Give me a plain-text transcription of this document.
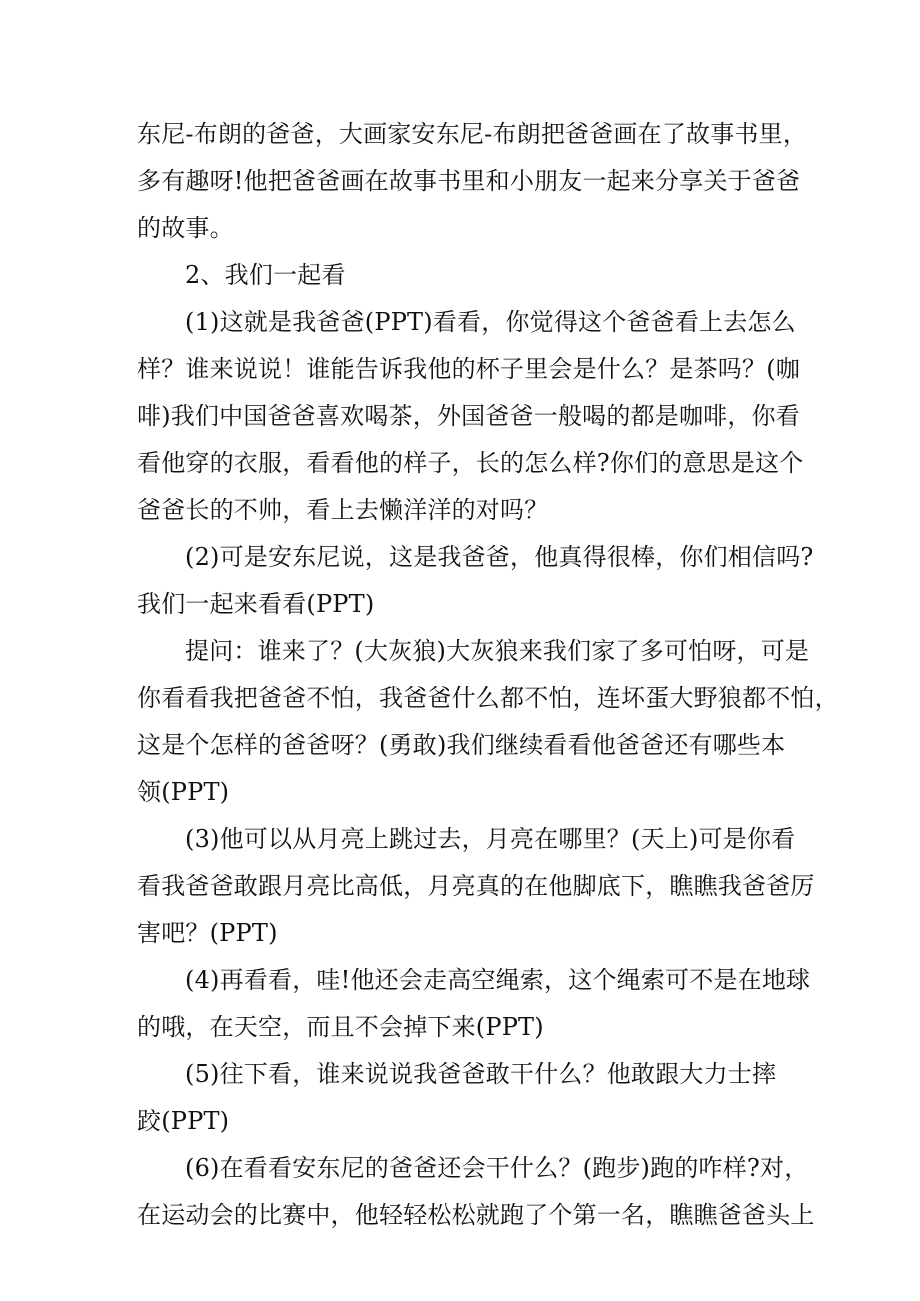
东尼-布朗的爸爸，大画家安东尼-布朗把爸爸画在了故事书里，
多有趣呀!他把爸爸画在故事书里和小朋友一起来分享关于爸爸
的故事。
2、我们一起看
(1)这就是我爸爸(PPT)看看，你觉得这个爸爸看上去怎么
样？谁来说说！谁能告诉我他的杯子里会是什么？是茶吗？(咖
啡)我们中国爸爸喜欢喝茶，外国爸爸一般喝的都是咖啡，你看
看他穿的衣服，看看他的样子，长的怎么样?你们的意思是这个
爸爸长的不帅，看上去懒洋洋的对吗？
(2)可是安东尼说，这是我爸爸，他真得很棒，你们相信吗?
我们一起来看看(PPT)
提问：谁来了？(大灰狼)大灰狼来我们家了多可怕呀，可是
你看看我把爸爸不怕，我爸爸什么都不怕，连坏蛋大野狼都不怕，
这是个怎样的爸爸呀？(勇敢)我们继续看看他爸爸还有哪些本
领(PPT)
(3)他可以从月亮上跳过去，月亮在哪里？(天上)可是你看
看我爸爸敢跟月亮比高低，月亮真的在他脚底下，瞧瞧我爸爸厉
害吧？(PPT)
(4)再看看，哇!他还会走高空绳索，这个绳索可不是在地球
的哦，在天空，而且不会掉下来(PPT)
(5)往下看，谁来说说我爸爸敢干什么？他敢跟大力士摔
跤(PPT)
(6)在看看安东尼的爸爸还会干什么？(跑步)跑的咋样?对，
在运动会的比赛中，他轻轻松松就跑了个第一名，瞧瞧爸爸头上
